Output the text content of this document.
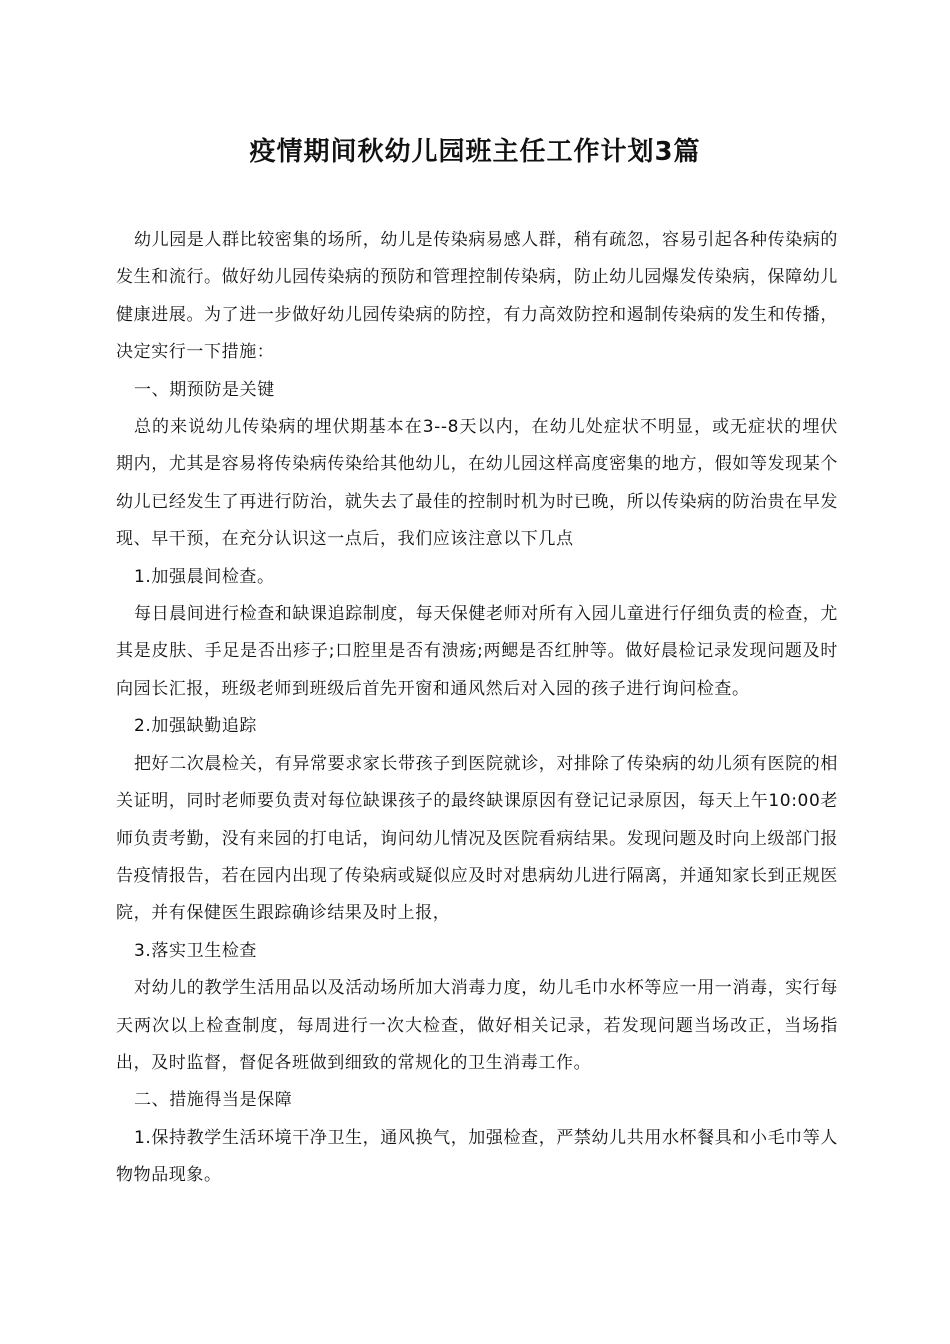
疫情期间秋幼儿园班主任工作计划3篇

幼儿园是人群比较密集的场所，幼儿是传染病易感人群，稍有疏忽，容易引起各种传染病的发生和流行。做好幼儿园传染病的预防和管理控制传染病，防止幼儿园爆发传染病，保障幼儿健康进展。为了进一步做好幼儿园传染病的防控，有力高效防控和遏制传染病的发生和传播，决定实行一下措施：

一、期预防是关键

总的来说幼儿传染病的埋伏期基本在3--8天以内，在幼儿处症状不明显，或无症状的埋伏期内，尤其是容易将传染病传染给其他幼儿，在幼儿园这样高度密集的地方，假如等发现某个幼儿已经发生了再进行防治，就失去了最佳的控制时机为时已晚，所以传染病的防治贵在早发现、早干预，在充分认识这一点后，我们应该注意以下几点

1.加强晨间检查。

每日晨间进行检查和缺课追踪制度，每天保健老师对所有入园儿童进行仔细负责的检查，尤其是皮肤、手足是否出疹子;口腔里是否有溃疡;两鳃是否红肿等。做好晨检记录发现问题及时向园长汇报，班级老师到班级后首先开窗和通风然后对入园的孩子进行询问检查。

2.加强缺勤追踪

把好二次晨检关，有异常要求家长带孩子到医院就诊，对排除了传染病的幼儿须有医院的相关证明，同时老师要负责对每位缺课孩子的最终缺课原因有登记记录原因，每天上午10:00老师负责考勤，没有来园的打电话，询问幼儿情况及医院看病结果。发现问题及时向上级部门报告疫情报告，若在园内出现了传染病或疑似应及时对患病幼儿进行隔离，并通知家长到正规医院，并有保健医生跟踪确诊结果及时上报，

3.落实卫生检查

对幼儿的教学生活用品以及活动场所加大消毒力度，幼儿毛巾水杯等应一用一消毒，实行每天两次以上检查制度，每周进行一次大检查，做好相关记录，若发现问题当场改正，当场指出，及时监督，督促各班做到细致的常规化的卫生消毒工作。

二、措施得当是保障

1.保持教学生活环境干净卫生，通风换气，加强检查，严禁幼儿共用水杯餐具和小毛巾等人物物品现象。
